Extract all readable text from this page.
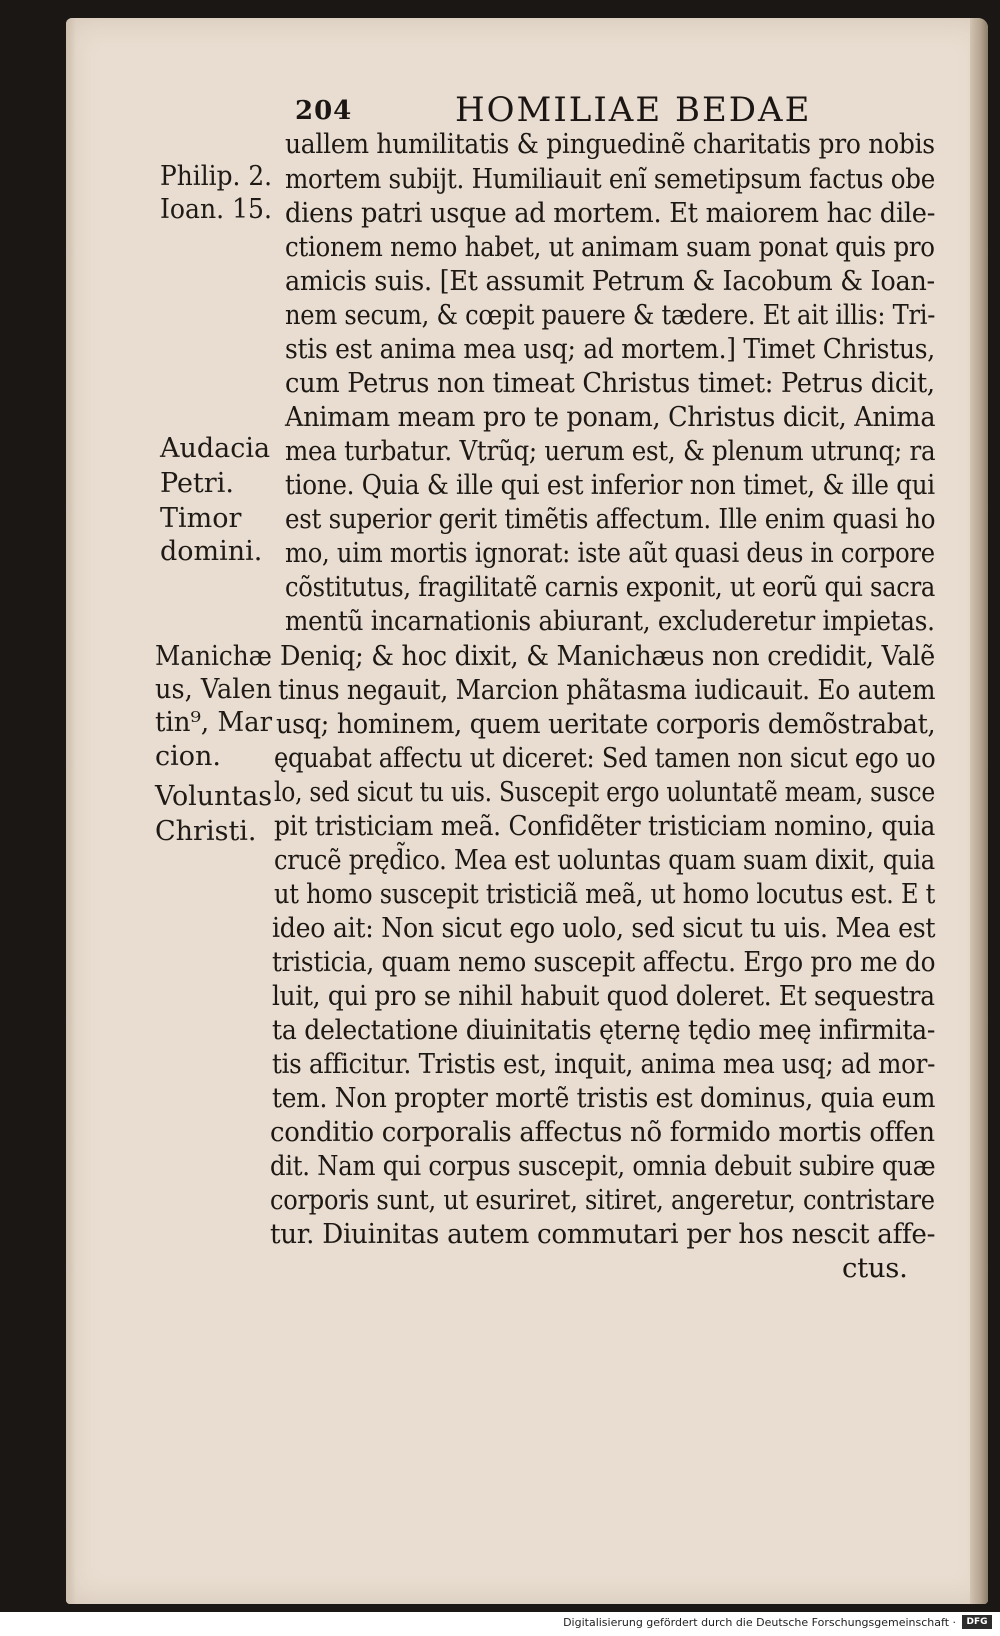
204	HOMILIAE BEDAE
Philip. 2.
Ioan. 15.
Audacia
Petri.
Timor
domini.
Manichæ
us, Valen
tin⁹, Mar
cion.
Voluntas
Christi.
uallem humilitatis & pinguedinẽ charitatis pro nobis
mortem subijt. Humiliauit enĩ semetipsum factus obe
diens patri usque ad mortem. Et maiorem hac dile-
ctionem nemo habet, ut animam suam ponat quis pro
amicis suis. [Et assumit Petrum & Iacobum & Ioan-
nem secum, & cœpit pauere & tædere. Et ait illis: Tri-
stis est anima mea usq; ad mortem.] Timet Christus,
cum Petrus non timeat Christus timet: Petrus dicit,
Animam meam pro te ponam, Christus dicit, Anima
mea turbatur. Vtrũq; uerum est, & plenum utrunq; ra
tione. Quia & ille qui est inferior non timet, & ille qui
est superior gerit timẽtis affectum. Ille enim quasi ho
mo, uim mortis ignorat: iste aũt quasi deus in corpore
cõstitutus, fragilitatẽ carnis exponit, ut eorũ qui sacra
mentũ incarnationis abiurant, excluderetur impietas.
Deniq; & hoc dixit, & Manichæus non credidit, Valẽ
tinus negauit, Marcion phãtasma iudicauit. Eo autem
usq; hominem, quem ueritate corporis demõstrabat,
ęquabat affectu ut diceret: Sed tamen non sicut ego uo
lo, sed sicut tu uis. Suscepit ergo uoluntatẽ meam, susce
pit tristiciam meã. Confidẽter tristiciam nomino, quia
crucẽ pręd̃ico. Mea est uoluntas quam suam dixit, quia
ut homo suscepit tristiciã meã, ut homo locutus est. E t
ideo ait: Non sicut ego uolo, sed sicut tu uis. Mea est
tristicia, quam nemo suscepit affectu. Ergo pro me do
luit, qui pro se nihil habuit quod doleret. Et sequestra
ta delectatione diuinitatis ęternę tędio meę infirmita-
tis afficitur. Tristis est, inquit, anima mea usq; ad mor-
tem. Non propter mortẽ tristis est dominus, quia eum
conditio corporalis affectus nõ formido mortis offen
dit. Nam qui corpus suscepit, omnia debuit subire quæ
corporis sunt, ut esuriret, sitiret, angeretur, contristare
tur. Diuinitas autem commutari per hos nescit affe-
ctus.
Digitalisierung gefördert durch die Deutsche Forschungsgemeinschaft ·	DFG
